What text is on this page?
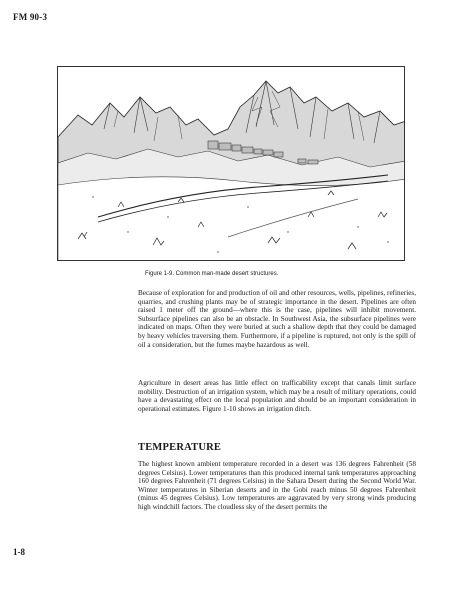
FM 90-3
Figure 1-9. Common man-made desert structures.
Because of exploration for and production of oil and other resources, wells, pipelines, refineries, quarries, and crushing plants may be of strategic importance in the desert. Pipelines are often raised 1 meter off the ground—where this is the case, pipelines will inhibit movement. Subsurface pipelines can also be an obstacle. In Southwest Asia, the subsurface pipelines were indicated on maps. Often they were buried at such a shallow depth that they could be damaged by heavy vehicles traversing them. Furthermore, if a pipeline is ruptured, not only is the spill of oil a consideration, but the fumes maybe hazardous as well.
Agriculture in desert areas has little effect on trafficability except that canals limit surface mobility. Destruction of an irrigation system, which may be a result of military operations, could have a devastating effect on the local population and should be an important consideration in operational estimates. Figure 1-10 shows an irrigation ditch.
TEMPERATURE
The highest known ambient temperature recorded in a desert was 136 degrees Fahrenheit (58 degrees Celsius). Lower temperatures than this produced internal tank temperatures approaching 160 degrees Fahrenheit (71 degrees Celsius) in the Sahara Desert during the Second World War. Winter temperatures in Siberian deserts and in the Gobi reach minus 50 degrees Fahrenheit (minus 45 degrees Celsius). Low temperatures are aggravated by very strong winds producing high windchill factors. The cloudless sky of the desert permits the
1-8
